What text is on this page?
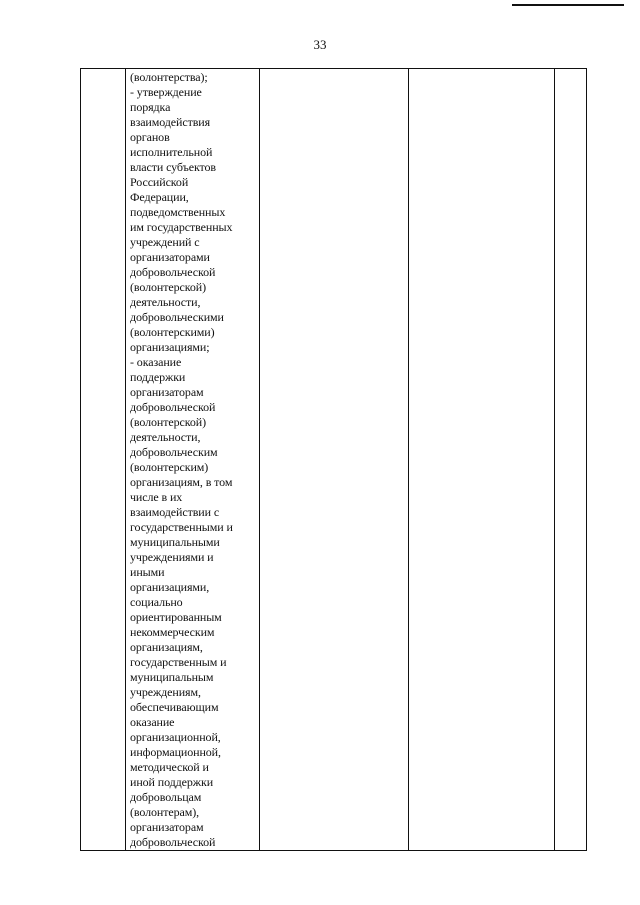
33

(волонтерства);
- утверждение
порядка
взаимодействия
органов
исполнительной
власти субъектов
Российской
Федерации,
подведомственных
им государственных
учреждений с
организаторами
добровольческой
(волонтерской)
деятельности,
добровольческими
(волонтерскими)
организациями;
- оказание
поддержки
организаторам
добровольческой
(волонтерской)
деятельности,
добровольческим
(волонтерским)
организациям, в том
числе в их
взаимодействии с
государственными и
муниципальными
учреждениями и
иными
организациями,
социально
ориентированным
некоммерческим
организациям,
государственным и
муниципальным
учреждениям,
обеспечивающим
оказание
организационной,
информационной,
методической и
иной поддержки
добровольцам
(волонтерам),
организаторам
добровольческой
